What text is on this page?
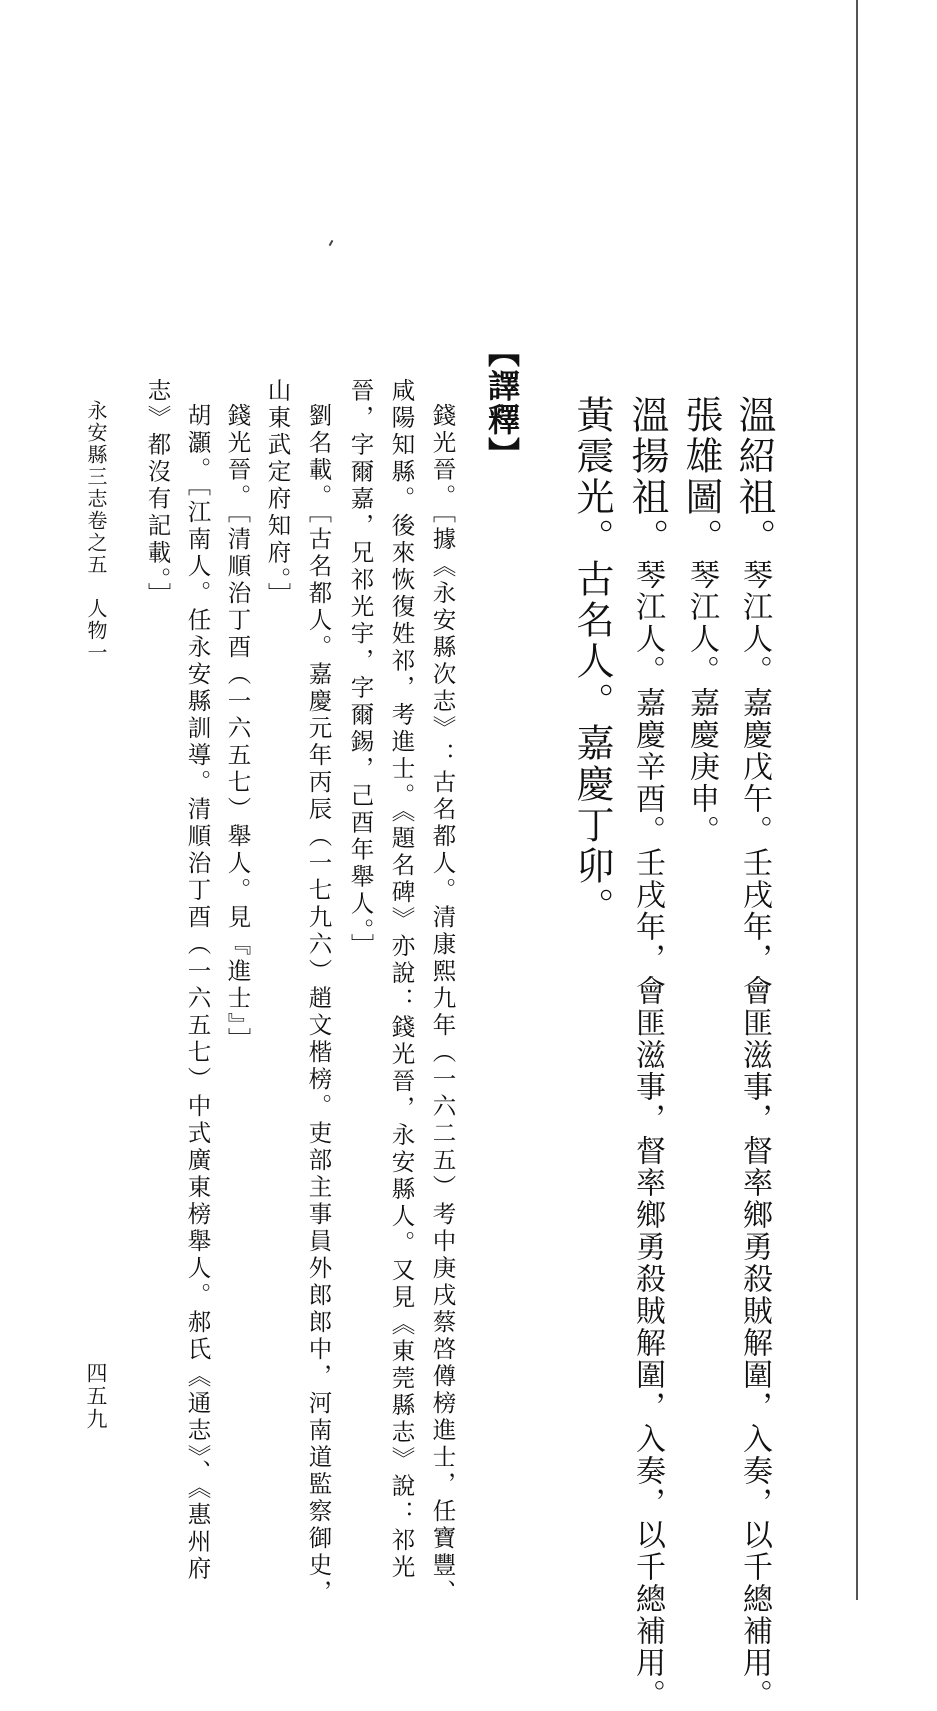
溫紹祖。琴江人。嘉慶戊午。壬戌年，會匪滋事，督率鄉勇殺賊解圍，入奏，以千總補用。
張雄圖。琴江人。嘉慶庚申。
溫揚祖。琴江人。嘉慶辛酉。壬戌年，會匪滋事，督率鄉勇殺賊解圍，入奏，以千總補用。
黃震光。古名人。嘉慶丁卯。
【譯釋】
錢光晉。［據《永安縣次志》：古名都人。清康熙九年（一六二五）考中庚戌蔡啓僔榜進士，任寶豐、
咸陽知縣。後來恢復姓祁，考進士。《題名碑》亦說：錢光晉，永安縣人。又見《東莞縣志》說：祁光
晉，字爾嘉，兄祁光宇，字爾錫，己酉年舉人。］
劉名載。［古名都人。嘉慶元年丙辰（一七九六）趙文楷榜。吏部主事員外郎郎中，河南道監察御史，
山東武定府知府。］
錢光晉。［清順治丁酉（一六五七）舉人。見『進士』］
胡灝。［江南人。任永安縣訓導。清順治丁酉（一六五七）中式廣東榜舉人。郝氏《通志》、《惠州府
志》都沒有記載。］
永安縣三志卷之五　人物一
四五九
